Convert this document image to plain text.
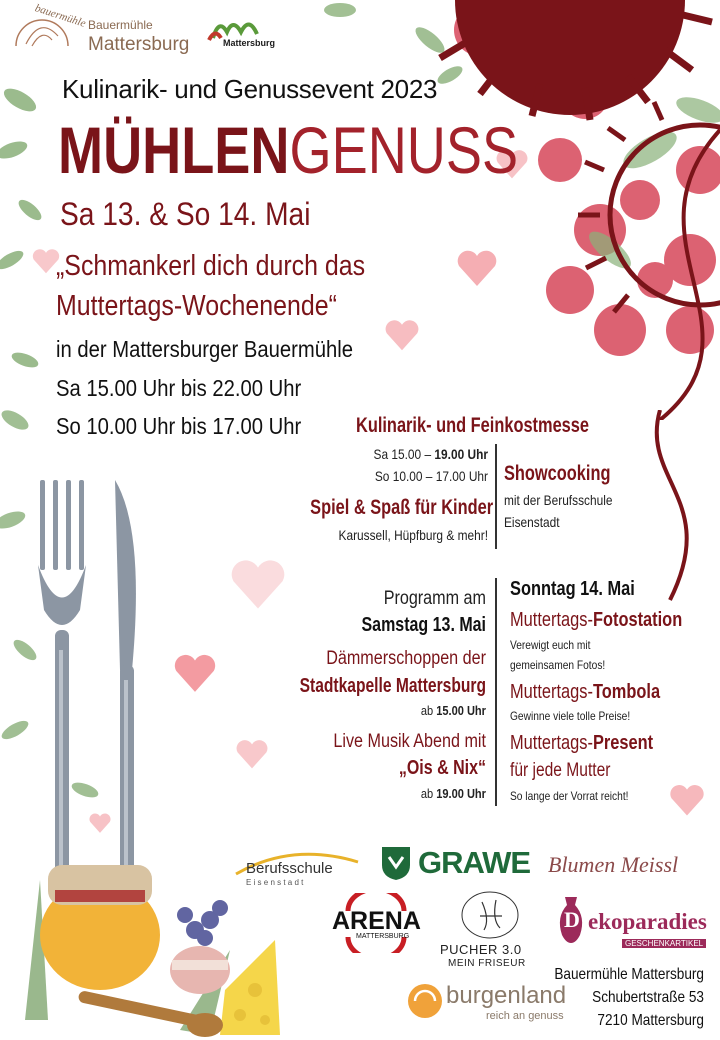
bauermühle Bauermühle
Mattersburg	Mattersburg
Kulinarik- und Genussevent 2023
MÜHLENGENUSS
Sa 13. & So 14. Mai
„Schmankerl dich durch das
Muttertags-Wochenende“
in der Mattersburger Bauermühle
Sa 15.00 Uhr bis 22.00 Uhr
So 10.00 Uhr bis 17.00 Uhr	Kulinarik- und Feinkostmesse
Sa 15.00 – 19.00 Uhr
So 10.00 – 17.00 Uhr Showcooking
mit der Berufsschule
Eisenstadt
Spiel & Spaß für Kinder
Karussell, Hüpfburg & mehr!
Programm am
Samstag 13. Mai
Dämmerschoppen der
Stadtkapelle Mattersburg
ab 15.00 Uhr
Live Musik Abend mit
„Ois & Nix“
ab 19.00 Uhr
Sonntag 14. Mai
Muttertags-Fotostation
Verewigt euch mit
gemeinsamen Fotos!
Muttertags-Tombola
Gewinne viele tolle Preise!
Muttertags-Present
für jede Mutter
So lange der Vorrat reicht!
Berufsschule
E i s e n s t a d t
GRAWE Blumen Meissl
ARENA
MATTERSBURG
PUCHER 3.0
MEIN FRISEUR
D ekoparadies
GESCHENKARTIKEL
burgenland
reich an genuss
Bauermühle Mattersburg
Schubertstraße 53
7210 Mattersburg
